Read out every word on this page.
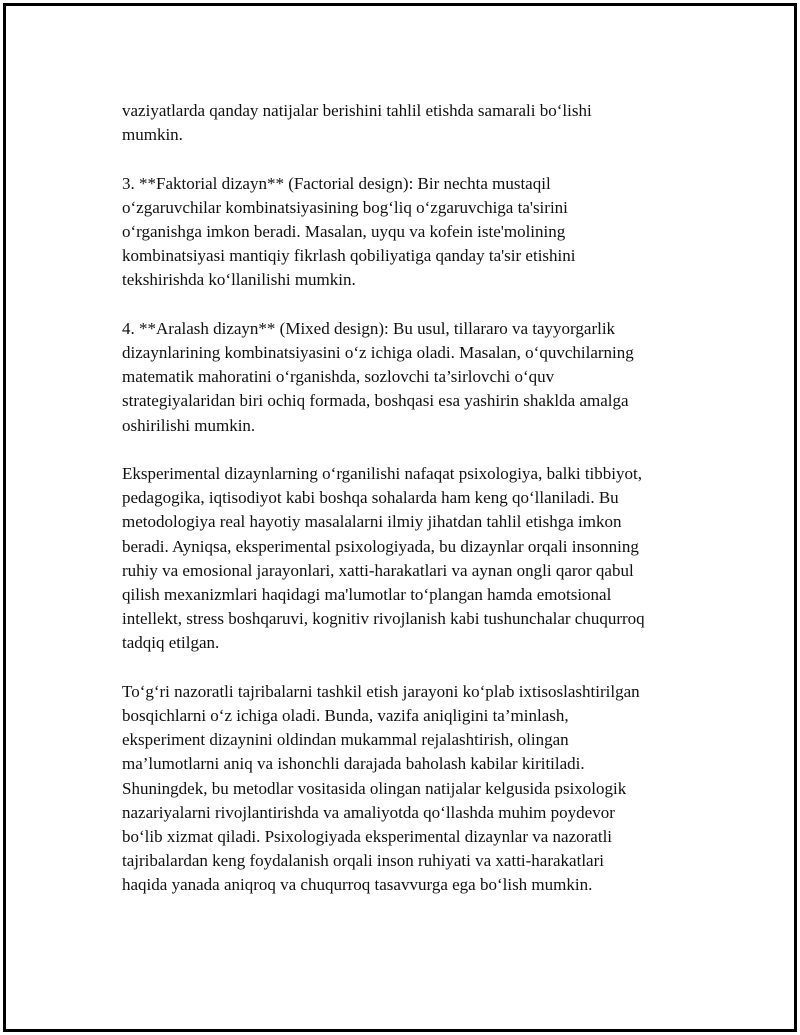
vaziyatlarda qanday natijalar berishini tahlil etishda samarali bo‘lishi
mumkin.

3. **Faktorial dizayn** (Factorial design): Bir nechta mustaqil
o‘zgaruvchilar kombinatsiyasining bog‘liq o‘zgaruvchiga ta'sirini
o‘rganishga imkon beradi. Masalan, uyqu va kofein iste'molining
kombinatsiyasi mantiqiy fikrlash qobiliyatiga qanday ta'sir etishini
tekshirishda ko‘llanilishi mumkin.

4. **Aralash dizayn** (Mixed design): Bu usul, tillararo va tayyorgarlik
dizaynlarining kombinatsiyasini o‘z ichiga oladi. Masalan, o‘quvchilarning
matematik mahoratini o‘rganishda, sozlovchi ta’sirlovchi o‘quv
strategiyalaridan biri ochiq formada, boshqasi esa yashirin shaklda amalga
oshirilishi mumkin.

Eksperimental dizaynlarning o‘rganilishi nafaqat psixologiya, balki tibbiyot,
pedagogika, iqtisodiyot kabi boshqa sohalarda ham keng qo‘llaniladi. Bu
metodologiya real hayotiy masalalarni ilmiy jihatdan tahlil etishga imkon
beradi. Ayniqsa, eksperimental psixologiyada, bu dizaynlar orqali insonning
ruhiy va emosional jarayonlari, xatti-harakatlari va aynan ongli qaror qabul
qilish mexanizmlari haqidagi ma'lumotlar to‘plangan hamda emotsional
intellekt, stress boshqaruvi, kognitiv rivojlanish kabi tushunchalar chuqurroq
tadqiq etilgan.

To‘g‘ri nazoratli tajribalarni tashkil etish jarayoni ko‘plab ixtisoslashtirilgan
bosqichlarni o‘z ichiga oladi. Bunda, vazifa aniqligini ta’minlash,
eksperiment dizaynini oldindan mukammal rejalashtirish, olingan
ma’lumotlarni aniq va ishonchli darajada baholash kabilar kiritiladi.
Shuningdek, bu metodlar vositasida olingan natijalar kelgusida psixologik
nazariyalarni rivojlantirishda va amaliyotda qo‘llashda muhim poydevor
bo‘lib xizmat qiladi. Psixologiyada eksperimental dizaynlar va nazoratli
tajribalardan keng foydalanish orqali inson ruhiyati va xatti-harakatlari
haqida yanada aniqroq va chuqurroq tasavvurga ega bo‘lish mumkin.
